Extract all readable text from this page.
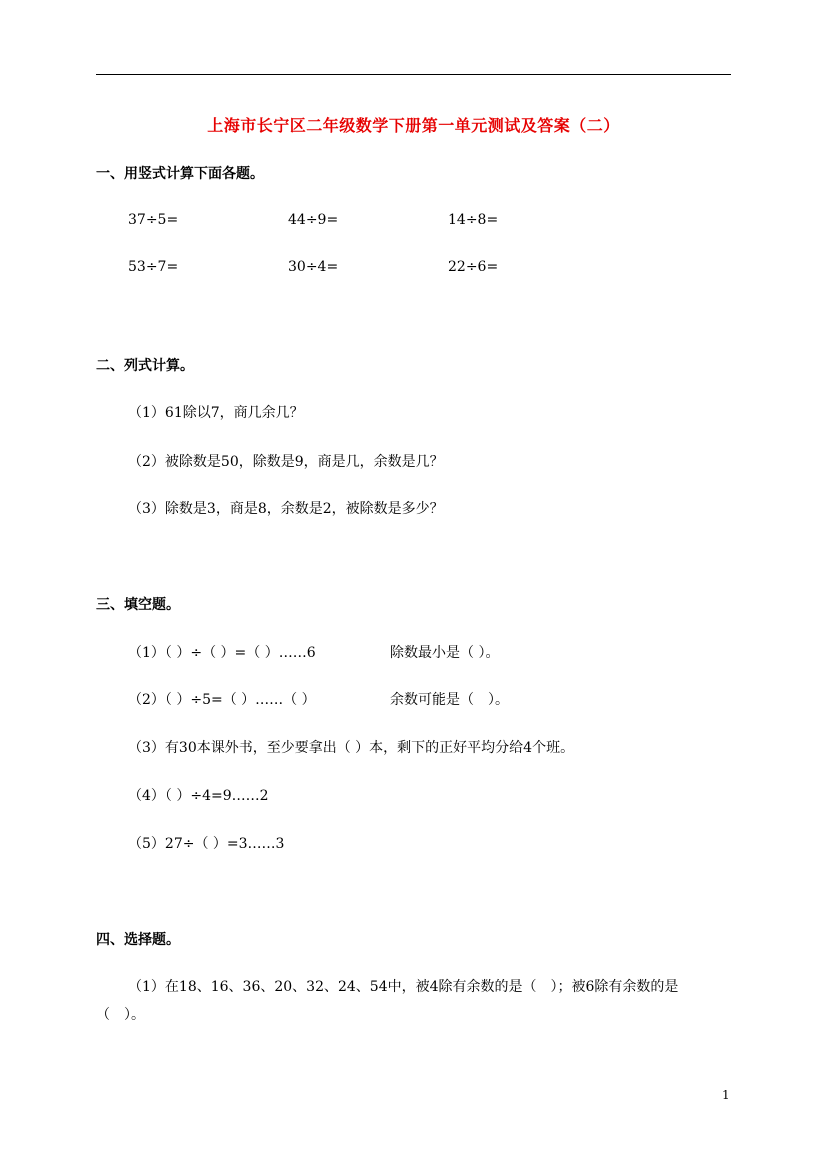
上海市长宁区二年级数学下册第一单元测试及答案（二）
一、用竖式计算下面各题。
37÷5=	44÷9=	14÷8=
53÷7=	30÷4=	22÷6=
二、列式计算。
（1）61除以7，商几余几？
（2）被除数是50，除数是9，商是几，余数是几？
（3）除数是3，商是8，余数是2，被除数是多少？
三、填空题。
（1）（ ）÷（ ）=（ ）……6	除数最小是（ ）。
（2）（ ）÷5=（ ）……（ ）	余数可能是（　）。
（3）有30本课外书，至少要拿出（ ）本，剩下的正好平均分给4个班。
（4）（ ）÷4=9……2
（5）27÷（ ）=3……3
四、选择题。
（1）在18、16、36、20、32、24、54中，被4除有余数的是（　）；被6除有余数的是
（　）。
1
